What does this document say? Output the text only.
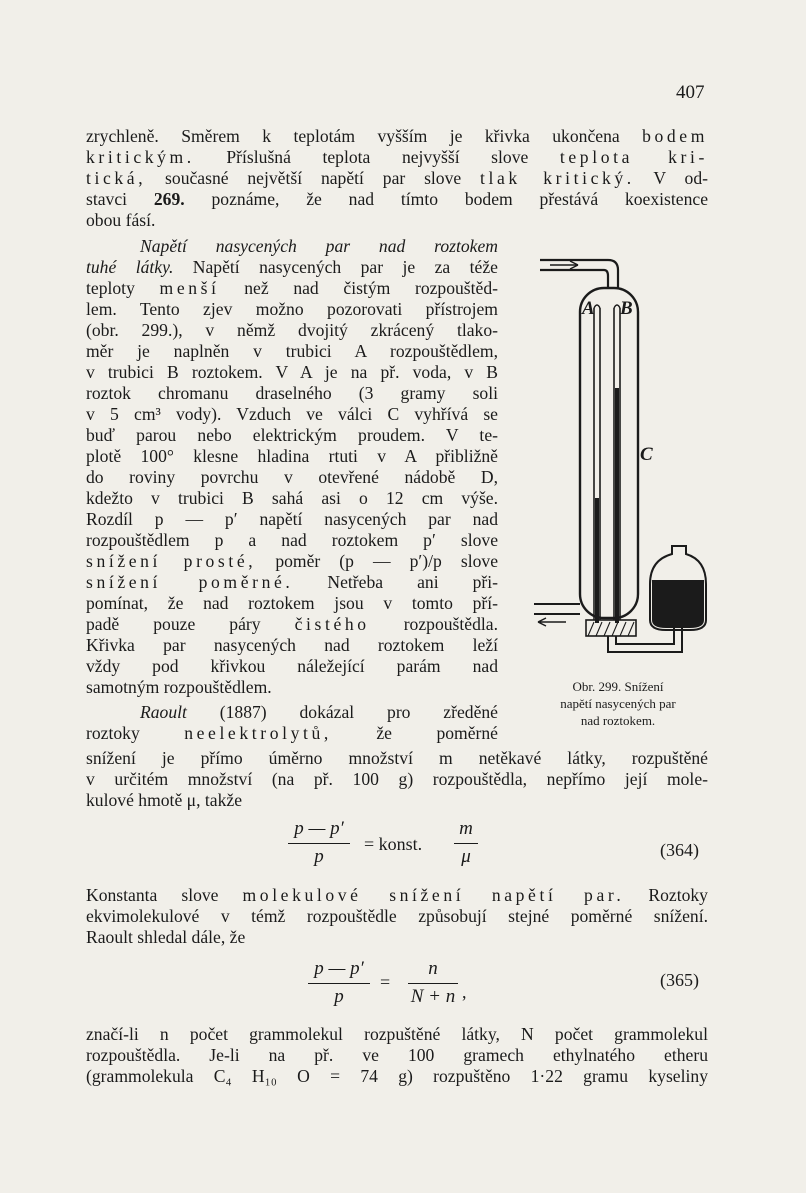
407
zrychleně. Směrem k teplotám vyšším je křivka ukončena bodem
kritickým. Příslušná teplota nejvyšší slove teplota kri-
tická, současné největší napětí par slove tlak kritický. V od-
stavci 269. poznáme, že nad tímto bodem přestává koexistence
obou fásí.
Napětí nasycených par nad roztokem
tuhé látky. Napětí nasycených par je za téže
teploty menší než nad čistým rozpouštěd-
lem. Tento zjev možno pozorovati přístrojem
(obr. 299.), v němž dvojitý zkrácený tlako-
měr je naplněn v trubici A rozpouštědlem,
v trubici B roztokem. V A je na př. voda, v B
roztok chromanu draselného (3 gramy soli
v 5 cm³ vody). Vzduch ve válci C vyhřívá se
buď parou nebo elektrickým proudem. V te-
plotě 100° klesne hladina rtuti v A přibližně
do roviny povrchu v otevřené nádobě D,
kdežto v trubici B sahá asi o 12 cm výše.
Rozdíl p — p′ napětí nasycených par nad
rozpouštědlem p a nad roztokem p′ slove
snížení prosté, poměr (p — p′)/p slove
snížení poměrné. Netřeba ani při-
pomínat, že nad roztokem jsou v tomto pří-
padě pouze páry čistého rozpouštědla.
Křivka par nasycených nad roztokem leží
vždy pod křivkou náležející parám nad
samotným rozpouštědlem.
Raoult (1887) dokázal pro zředěné
roztoky	neelektrolytů,	že poměrné
snížení je přímo úměrno množství m netěkavé látky, rozpuštěné
v určitém množství (na př. 100 g) rozpouštědla, nepřímo její mole-
kulové hmotě μ, takže
p — p′
p
= konst.
m
μ	(364)
Konstanta slove molekulové snížení napětí par. Roztoky
ekvimolekulové v témž rozpouštědle způsobují stejné poměrné snížení.
Raoult shledal dále, že
p — p′
p
=
n
N + n ,
(365)
značí-li n počet grammolekul rozpuštěné látky, N počet grammolekul
rozpouštědla. Je-li na př. ve 100 gramech ethylnatého etheru
(grammolekula C₄ H₁₀ O = 74 g) rozpuštěno 1·22 gramu kyseliny
A B
C
D
Obr. 299. Snížení
napětí nasycených par
nad roztokem.
